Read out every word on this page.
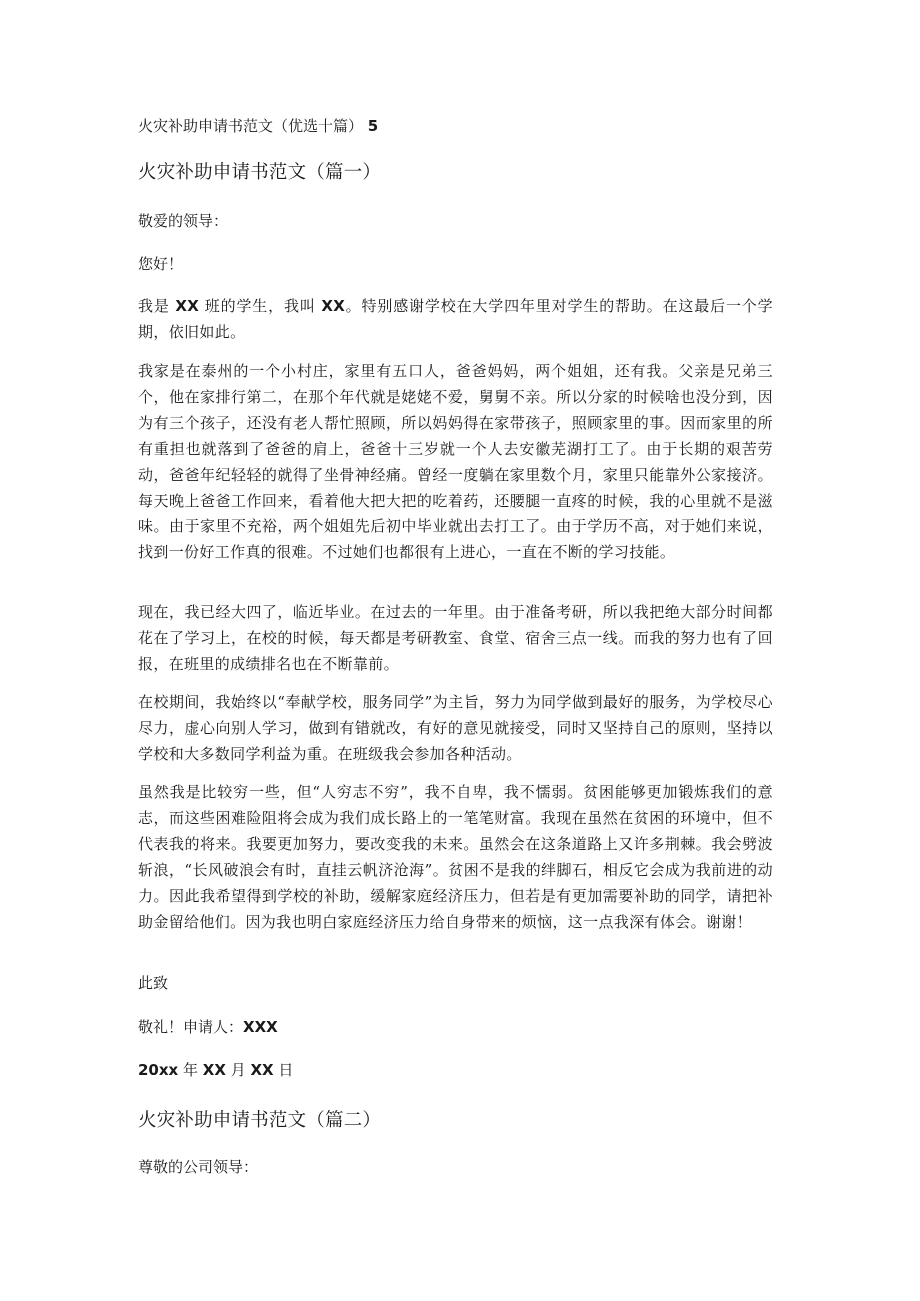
火灾补助申请书范文（优选十篇） 5
火灾补助申请书范文（篇一）
敬爱的领导：
您好！

我是 XX 班的学生，我叫 XX。特别感谢学校在大学四年里对学生的帮助。在这最后一个学期，依旧如此。

我家是在泰州的一个小村庄，家里有五口人，爸爸妈妈，两个姐姐，还有我。父亲是兄弟三个，他在家排行第二，在那个年代就是姥姥不爱，舅舅不亲。所以分家的时候啥也没分到，因为有三个孩子，还没有老人帮忙照顾，所以妈妈得在家带孩子，照顾家里的事。因而家里的所有重担也就落到了爸爸的肩上，爸爸十三岁就一个人去安徽芜湖打工了。由于长期的艰苦劳动，爸爸年纪轻轻的就得了坐骨神经痛。曾经一度躺在家里数个月，家里只能靠外公家接济。每天晚上爸爸工作回来，看着他大把大把的吃着药，还腰腿一直疼的时候，我的心里就不是滋味。由于家里不充裕，两个姐姐先后初中毕业就出去打工了。由于学历不高，对于她们来说，找到一份好工作真的很难。不过她们也都很有上进心，一直在不断的学习技能。

现在，我已经大四了，临近毕业。在过去的一年里。由于准备考研，所以我把绝大部分时间都花在了学习上，在校的时候，每天都是考研教室、食堂、宿舍三点一线。而我的努力也有了回报，在班里的成绩排名也在不断靠前。

在校期间，我始终以“奉献学校，服务同学”为主旨，努力为同学做到最好的服务，为学校尽心尽力，虚心向别人学习，做到有错就改，有好的意见就接受，同时又坚持自己的原则，坚持以学校和大多数同学利益为重。在班级我会参加各种活动。

虽然我是比较穷一些，但“人穷志不穷”，我不自卑，我不懦弱。贫困能够更加锻炼我们的意志，而这些困难险阻将会成为我们成长路上的一笔笔财富。我现在虽然在贫困的环境中，但不代表我的将来。我要更加努力，要改变我的未来。虽然会在这条道路上又许多荆棘。我会劈波斩浪，“长风破浪会有时，直挂云帆济沧海”。贫困不是我的绊脚石，相反它会成为我前进的动力。因此我希望得到学校的补助，缓解家庭经济压力，但若是有更加需要补助的同学，请把补助金留给他们。因为我也明白家庭经济压力给自身带来的烦恼，这一点我深有体会。谢谢！

此致
敬礼！申请人：XXX
20xx 年 XX 月 XX 日
火灾补助申请书范文（篇二）
尊敬的公司领导：
